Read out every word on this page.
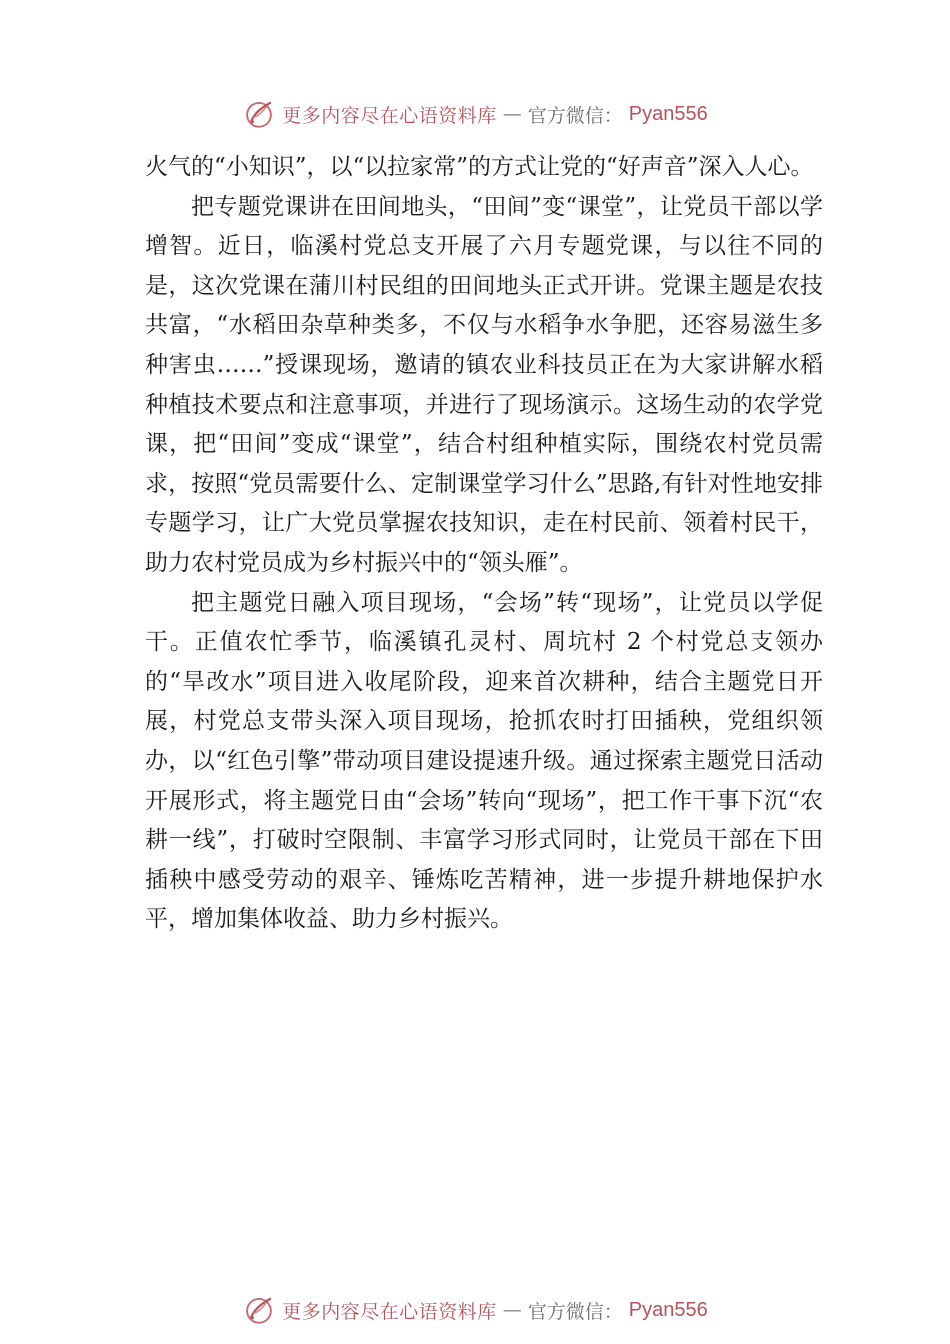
更多内容尽在心语资料库 — 官方微信： Pyan556

火气的“小知识”，以“以拉家常”的方式让党的“好声音”深入人心。

把专题党课讲在田间地头，“田间”变“课堂”，让党员干部以学增智。近日，临溪村党总支开展了六月专题党课，与以往不同的是，这次党课在蒲川村民组的田间地头正式开讲。党课主题是农技共富，“水稻田杂草种类多，不仅与水稻争水争肥，还容易滋生多种害虫……”授课现场，邀请的镇农业科技员正在为大家讲解水稻种植技术要点和注意事项，并进行了现场演示。这场生动的农学党课，把“田间”变成“课堂”，结合村组种植实际，围绕农村党员需求，按照“党员需要什么、定制课堂学习什么”思路,有针对性地安排专题学习，让广大党员掌握农技知识，走在村民前、领着村民干，助力农村党员成为乡村振兴中的“领头雁”。

把主题党日融入项目现场，“会场”转“现场”，让党员以学促干。正值农忙季节，临溪镇孔灵村、周坑村 2 个村党总支领办的“旱改水”项目进入收尾阶段，迎来首次耕种，结合主题党日开展，村党总支带头深入项目现场，抢抓农时打田插秧，党组织领办，以“红色引擎”带动项目建设提速升级。通过探索主题党日活动开展形式，将主题党日由“会场”转向“现场”，把工作干事下沉“农耕一线”，打破时空限制、丰富学习形式同时，让党员干部在下田插秧中感受劳动的艰辛、锤炼吃苦精神，进一步提升耕地保护水平，增加集体收益、助力乡村振兴。

更多内容尽在心语资料库 — 官方微信： Pyan556
